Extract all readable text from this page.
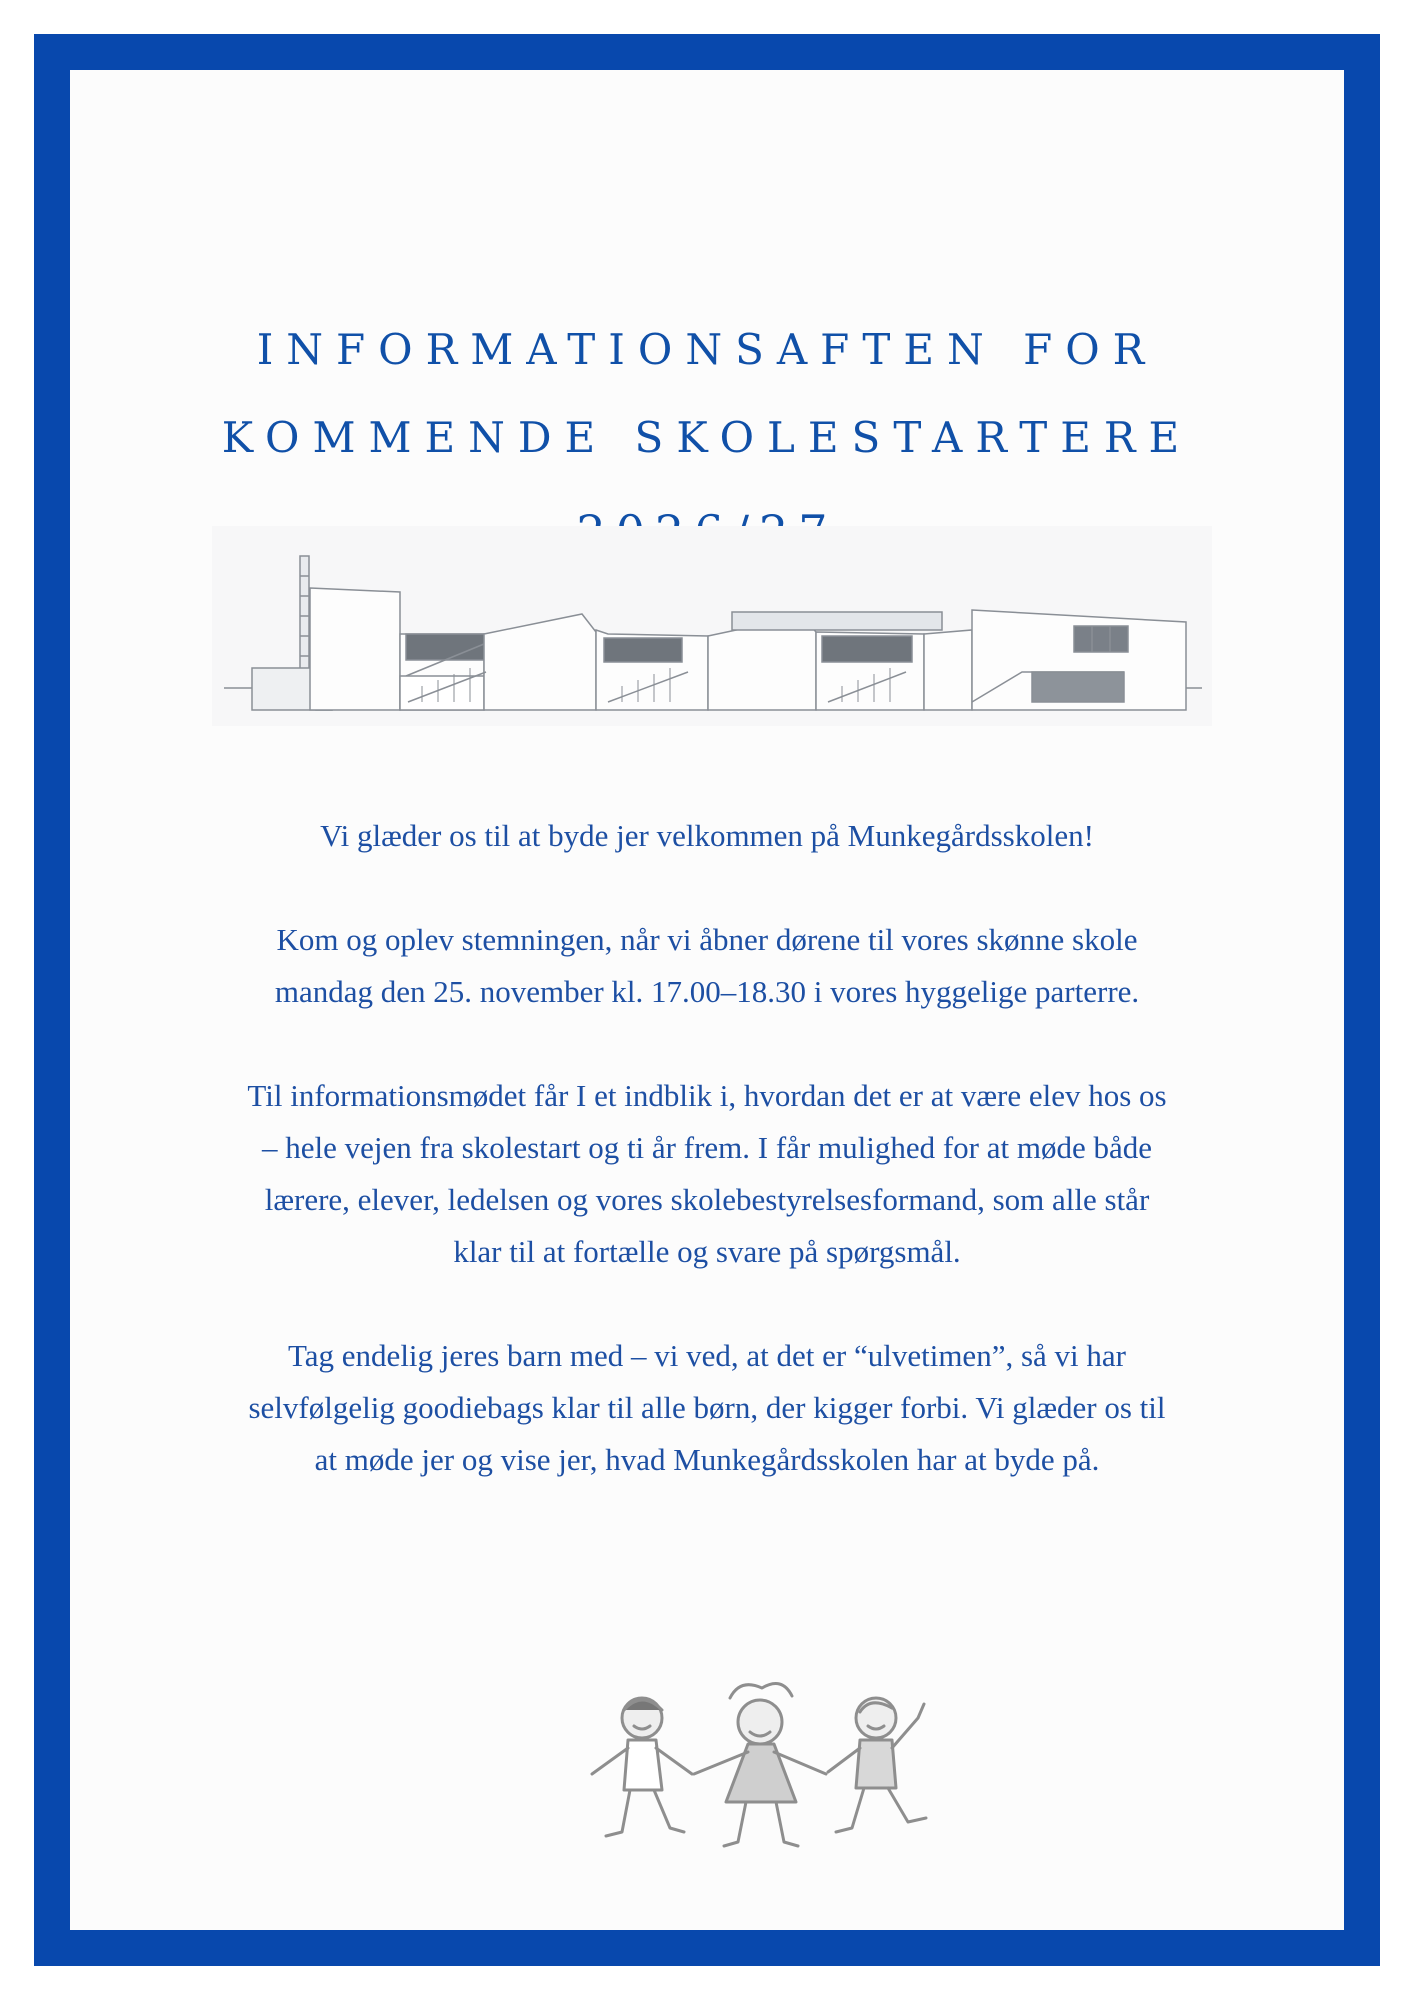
INFORMATIONSAFTEN FOR
KOMMENDE SKOLESTARTERE

Vi glæder os til at byde jer velkommen på Munkegårdsskolen!

Kom og oplev stemningen, når vi åbner dørene til vores skønne skole mandag den 25. november kl. 17.00–18.30 i vores hyggelige parterre.

Til informationsmødet får I et indblik i, hvordan det er at være elev hos os – hele vejen fra skolestart og ti år frem. I får mulighed for at møde både lærere, elever, ledelsen og vores skolebestyrelsesformand, som alle står klar til at fortælle og svare på spørgsmål.

Tag endelig jeres barn med – vi ved, at det er “ulvetimen”, så vi har selvfølgelig goodiebags klar til alle børn, der kigger forbi. Vi glæder os til at møde jer og vise jer, hvad Munkegårdsskolen har at byde på.
